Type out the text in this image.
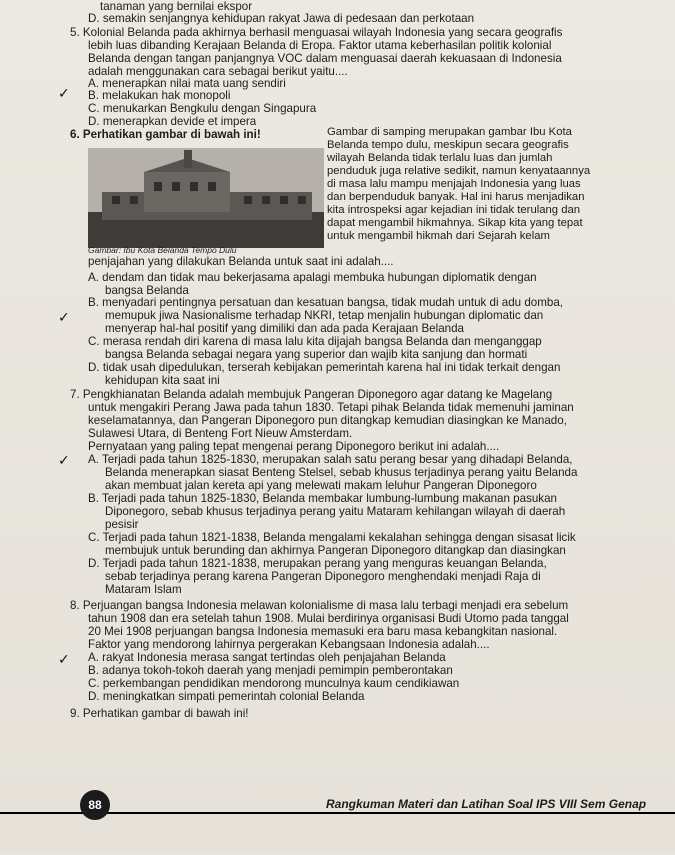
tanaman yang bernilai ekspor
D. semakin senjangnya kehidupan rakyat Jawa di pedesaan dan perkotaan
5. Kolonial Belanda pada akhirnya berhasil menguasai wilayah Indonesia yang secara geografis
lebih luas dibanding Kerajaan Belanda di Eropa. Faktor utama keberhasilan politik kolonial
Belanda dengan tangan panjangnya VOC dalam menguasai daerah kekuasaan di Indonesia
adalah menggunakan cara sebagai berikut yaitu....
A. menerapkan nilai mata uang sendiri
B. melakukan hak monopoli
C. menukarkan Bengkulu dengan Singapura
D. menerapkan devide et impera
6. Perhatikan gambar di bawah ini!
Gambar: Ibu Kota Belanda Tempo Dulu
Gambar di samping merupakan gambar Ibu Kota
Belanda tempo dulu, meskipun secara geografis
wilayah Belanda tidak terlalu luas dan jumlah
penduduk juga relative sedikit, namun kenyataannya
di masa lalu mampu menjajah Indonesia yang luas
dan berpenduduk banyak. Hal ini harus menjadikan
kita introspeksi agar kejadian ini tidak terulang dan
dapat mengambil hikmahnya. Sikap kita yang tepat
untuk mengambil hikmah dari Sejarah kelam
penjajahan yang dilakukan Belanda untuk saat ini adalah....
A. dendam dan tidak mau bekerjasama apalagi membuka hubungan diplomatik dengan
bangsa Belanda
B. menyadari pentingnya persatuan dan kesatuan bangsa, tidak mudah untuk di adu domba,
memupuk jiwa Nasionalisme terhadap NKRI, tetap menjalin hubungan diplomatic dan
menyerap hal-hal positif yang dimiliki dan ada pada Kerajaan Belanda
C. merasa rendah diri karena di masa lalu kita dijajah bangsa Belanda dan menganggap
bangsa Belanda sebagai negara yang superior dan wajib kita sanjung dan hormati
D. tidak usah dipedulukan, terserah kebijakan pemerintah karena hal ini tidak terkait dengan
kehidupan kita saat ini
7. Pengkhianatan Belanda adalah membujuk Pangeran Diponegoro agar datang ke Magelang
untuk mengakiri Perang Jawa pada tahun 1830. Tetapi pihak Belanda tidak memenuhi jaminan
keselamatannya, dan Pangeran Diponegoro pun ditangkap kemudian diasingkan ke Manado,
Sulawesi Utara, di Benteng Fort Nieuw Amsterdam.
Pernyataan yang paling tepat mengenai perang Diponegoro berikut ini adalah....
A. Terjadi pada tahun 1825-1830, merupakan salah satu perang besar yang dihadapi Belanda,
Belanda menerapkan siasat Benteng Stelsel, sebab khusus terjadinya perang yaitu Belanda
akan membuat jalan kereta api yang melewati makam leluhur Pangeran Diponegoro
B. Terjadi pada tahun 1825-1830, Belanda membakar lumbung-lumbung makanan pasukan
Diponegoro, sebab khusus terjadinya perang yaitu Mataram kehilangan wilayah di daerah
pesisir
C. Terjadi pada tahun 1821-1838, Belanda mengalami kekalahan sehingga dengan sisasat licik
membujuk untuk berunding dan akhirnya Pangeran Diponegoro ditangkap dan diasingkan
D. Terjadi pada tahun 1821-1838, merupakan perang yang menguras keuangan Belanda,
sebab terjadinya perang karena Pangeran Diponegoro menghendaki menjadi Raja di
Mataram Islam
8. Perjuangan bangsa Indonesia melawan kolonialisme di masa lalu terbagi menjadi era sebelum
tahun 1908 dan era setelah tahun 1908. Mulai berdirinya organisasi Budi Utomo pada tanggal
20 Mei 1908 perjuangan bangsa Indonesia memasuki era baru masa kebangkitan nasional.
Faktor yang mendorong lahirnya pergerakan Kebangsaan Indonesia adalah....
A. rakyat Indonesia merasa sangat tertindas oleh penjajahan Belanda
B. adanya tokoh-tokoh daerah yang menjadi pemimpin pemberontakan
C. perkembangan pendidikan mendorong munculnya kaum cendikiawan
D. meningkatkan simpati pemerintah colonial Belanda
9. Perhatikan gambar di bawah ini!
✓
✓
✓
✓
88	Rangkuman Materi dan Latihan Soal IPS VIII Sem Genap
